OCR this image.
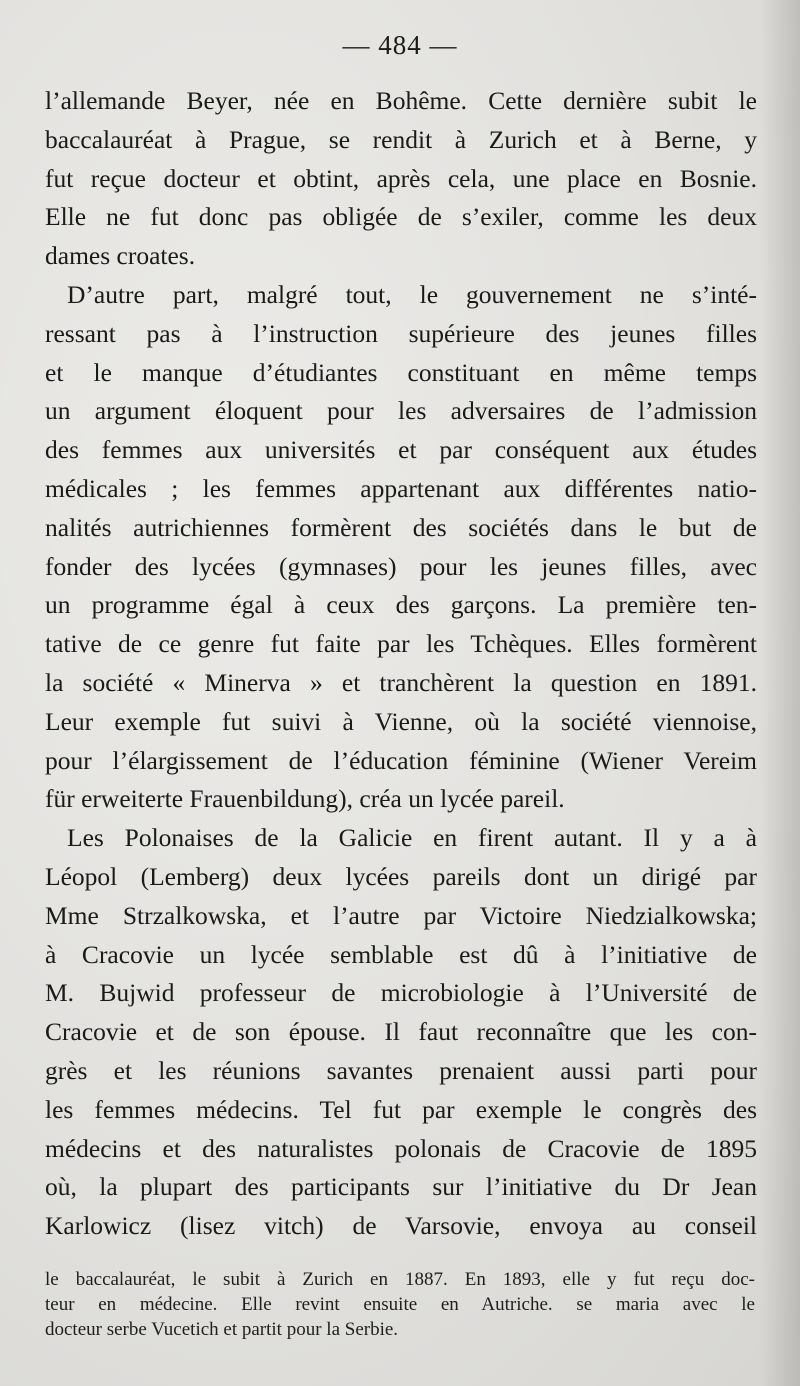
— 484 —
l’allemande Beyer, née en Bohême. Cette dernière subit le
baccalauréat à Prague, se rendit à Zurich et à Berne, y
fut reçue docteur et obtint, après cela, une place en Bosnie.
Elle ne fut donc pas obligée de s’exiler, comme les deux
dames croates.
D’autre part, malgré tout, le gouvernement ne s’inté-
ressant pas à l’instruction supérieure des jeunes filles
et le manque d’étudiantes constituant en même temps
un argument éloquent pour les adversaires de l’admission
des femmes aux universités et par conséquent aux études
médicales ; les femmes appartenant aux différentes natio-
nalités autrichiennes formèrent des sociétés dans le but de
fonder des lycées (gymnases) pour les jeunes filles, avec
un programme égal à ceux des garçons. La première ten-
tative de ce genre fut faite par les Tchèques. Elles formèrent
la société « Minerva » et tranchèrent la question en 1891.
Leur exemple fut suivi à Vienne, où la société viennoise,
pour l’élargissement de l’éducation féminine (Wiener Vereim
für erweiterte Frauenbildung), créa un lycée pareil.
Les Polonaises de la Galicie en firent autant. Il y a à
Léopol (Lemberg) deux lycées pareils dont un dirigé par
Mme Strzalkowska, et l’autre par Victoire Niedzialkowska;
à Cracovie un lycée semblable est dû à l’initiative de
M. Bujwid professeur de microbiologie à l’Université de
Cracovie et de son épouse. Il faut reconnaître que les con-
grès et les réunions savantes prenaient aussi parti pour
les femmes médecins. Tel fut par exemple le congrès des
médecins et des naturalistes polonais de Cracovie de 1895
où, la plupart des participants sur l’initiative du Dr Jean
Karlowicz (lisez vitch) de Varsovie, envoya au conseil
le baccalauréat, le subit à Zurich en 1887. En 1893, elle y fut reçu doc-
teur en médecine. Elle revint ensuite en Autriche. se maria avec le
docteur serbe Vucetich et partit pour la Serbie.
